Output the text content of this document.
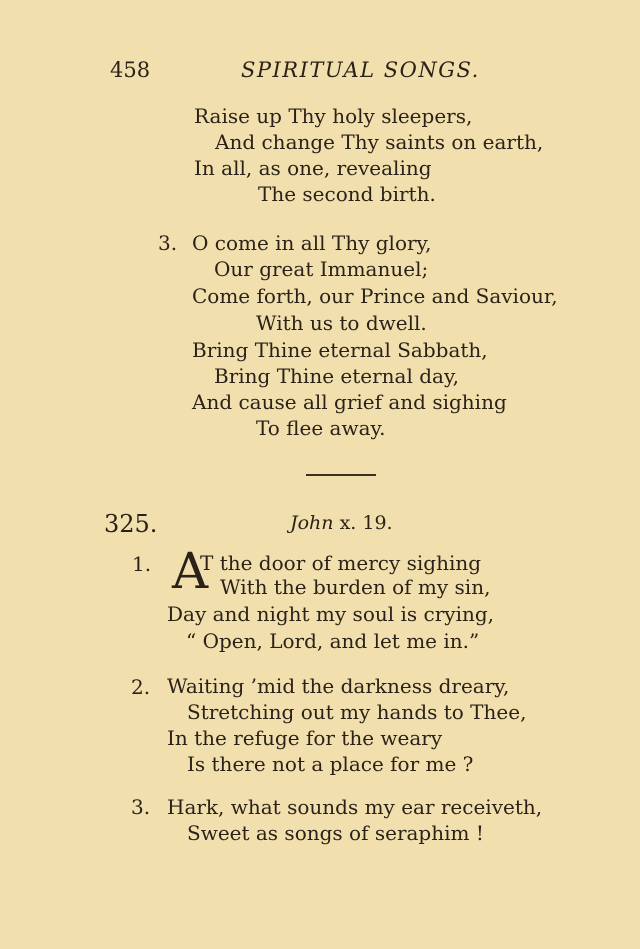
458	SPIRITUAL SONGS.
Raise up Thy holy sleepers,
And change Thy saints on earth,
In all, as one, revealing
The second birth.
3. O come in all Thy glory,
Our great Immanuel;
Come forth, our Prince and Saviour,
With us to dwell.
Bring Thine eternal Sabbath,
Bring Thine eternal day,
And cause all grief and sighing
To flee away.
325.	John x. 19.
1. A
T the door of mercy sighing
With the burden of my sin,
Day and night my soul is crying,
“ Open, Lord, and let me in.”
2. Waiting ’mid the darkness dreary,
Stretching out my hands to Thee,
In the refuge for the weary
Is there not a place for me ?
3. Hark, what sounds my ear receiveth,
Sweet as songs of seraphim !
